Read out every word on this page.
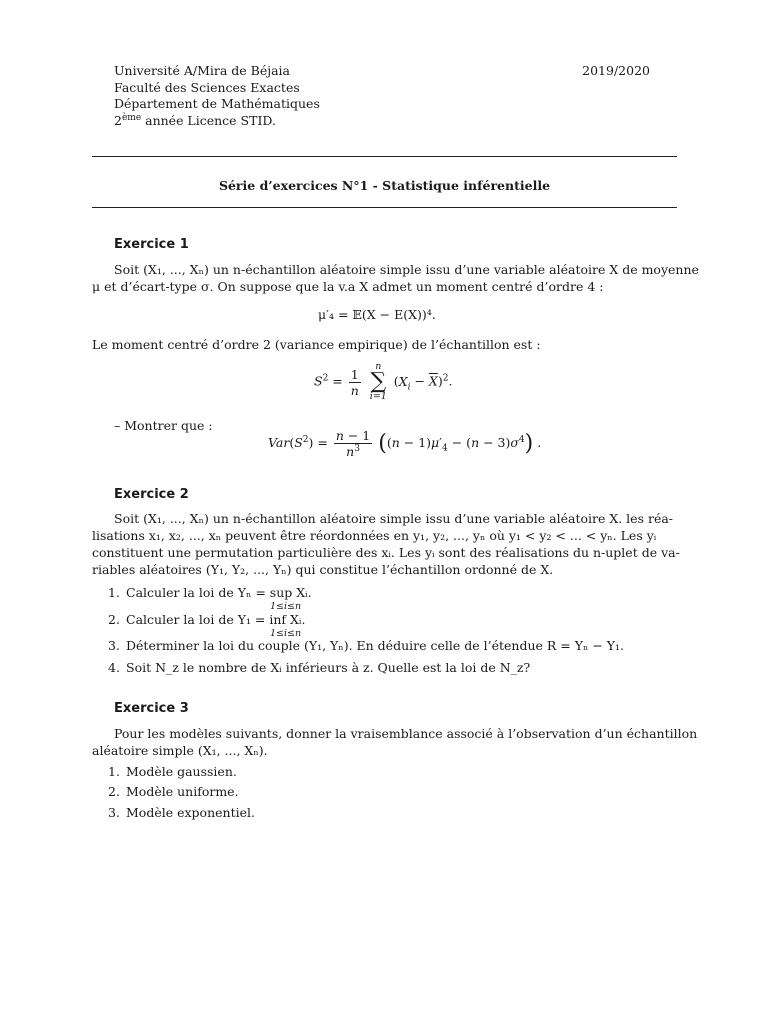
Université A/Mira de Béjaia
Faculté des Sciences Exactes
Département de Mathématiques
2ème année Licence STID.
2019/2020
Série d’exercices N°1 - Statistique inférentielle
Exercice 1
Soit (X₁, ..., Xₙ) un n-échantillon aléatoire simple issu d’une variable aléatoire X de moyenne
μ et d’écart-type σ. On suppose que la v.a X admet un moment centré d’ordre 4 :
μ′₄ = 𝔼(X − E(X))⁴.
Le moment centré d’ordre 2 (variance empirique) de l’échantillon est :
$S^2 = \frac{1}{n}$
n
∑
i=1
$(X_i - \overline{X})^2$.
– Montrer que :
$Var(S^2) = \frac{n - 1}{n^3} ((n - 1)\mu'_4 - (n - 3)\sigma^4)$ .
Exercice 2
Soit (X₁, ..., Xₙ) un n-échantillon aléatoire simple issu d’une variable aléatoire X. les réa-
lisations x₁, x₂, ..., xₙ peuvent être réordonnées en y₁, y₂, ..., yₙ où y₁ < y₂ < ... < yₙ. Les yᵢ
constituent une permutation particulière des xᵢ. Les yᵢ sont des réalisations du n-uplet de va-
riables aléatoires (Y₁, Y₂, ..., Yₙ) qui constitue l’échantillon ordonné de X.
1. Calculer la loi de Yₙ = sup Xᵢ.
1≤i≤n
2. Calculer la loi de Y₁ = inf Xᵢ.
1≤i≤n
3. Déterminer la loi du couple (Y₁, Yₙ). En déduire celle de l’étendue R = Yₙ − Y₁.
4. Soit N_z le nombre de Xᵢ inférieurs à z. Quelle est la loi de N_z?
Exercice 3
Pour les modèles suivants, donner la vraisemblance associé à l’observation d’un échantillon
aléatoire simple (X₁, ..., Xₙ).
1. Modèle gaussien.
2. Modèle uniforme.
3. Modèle exponentiel.
